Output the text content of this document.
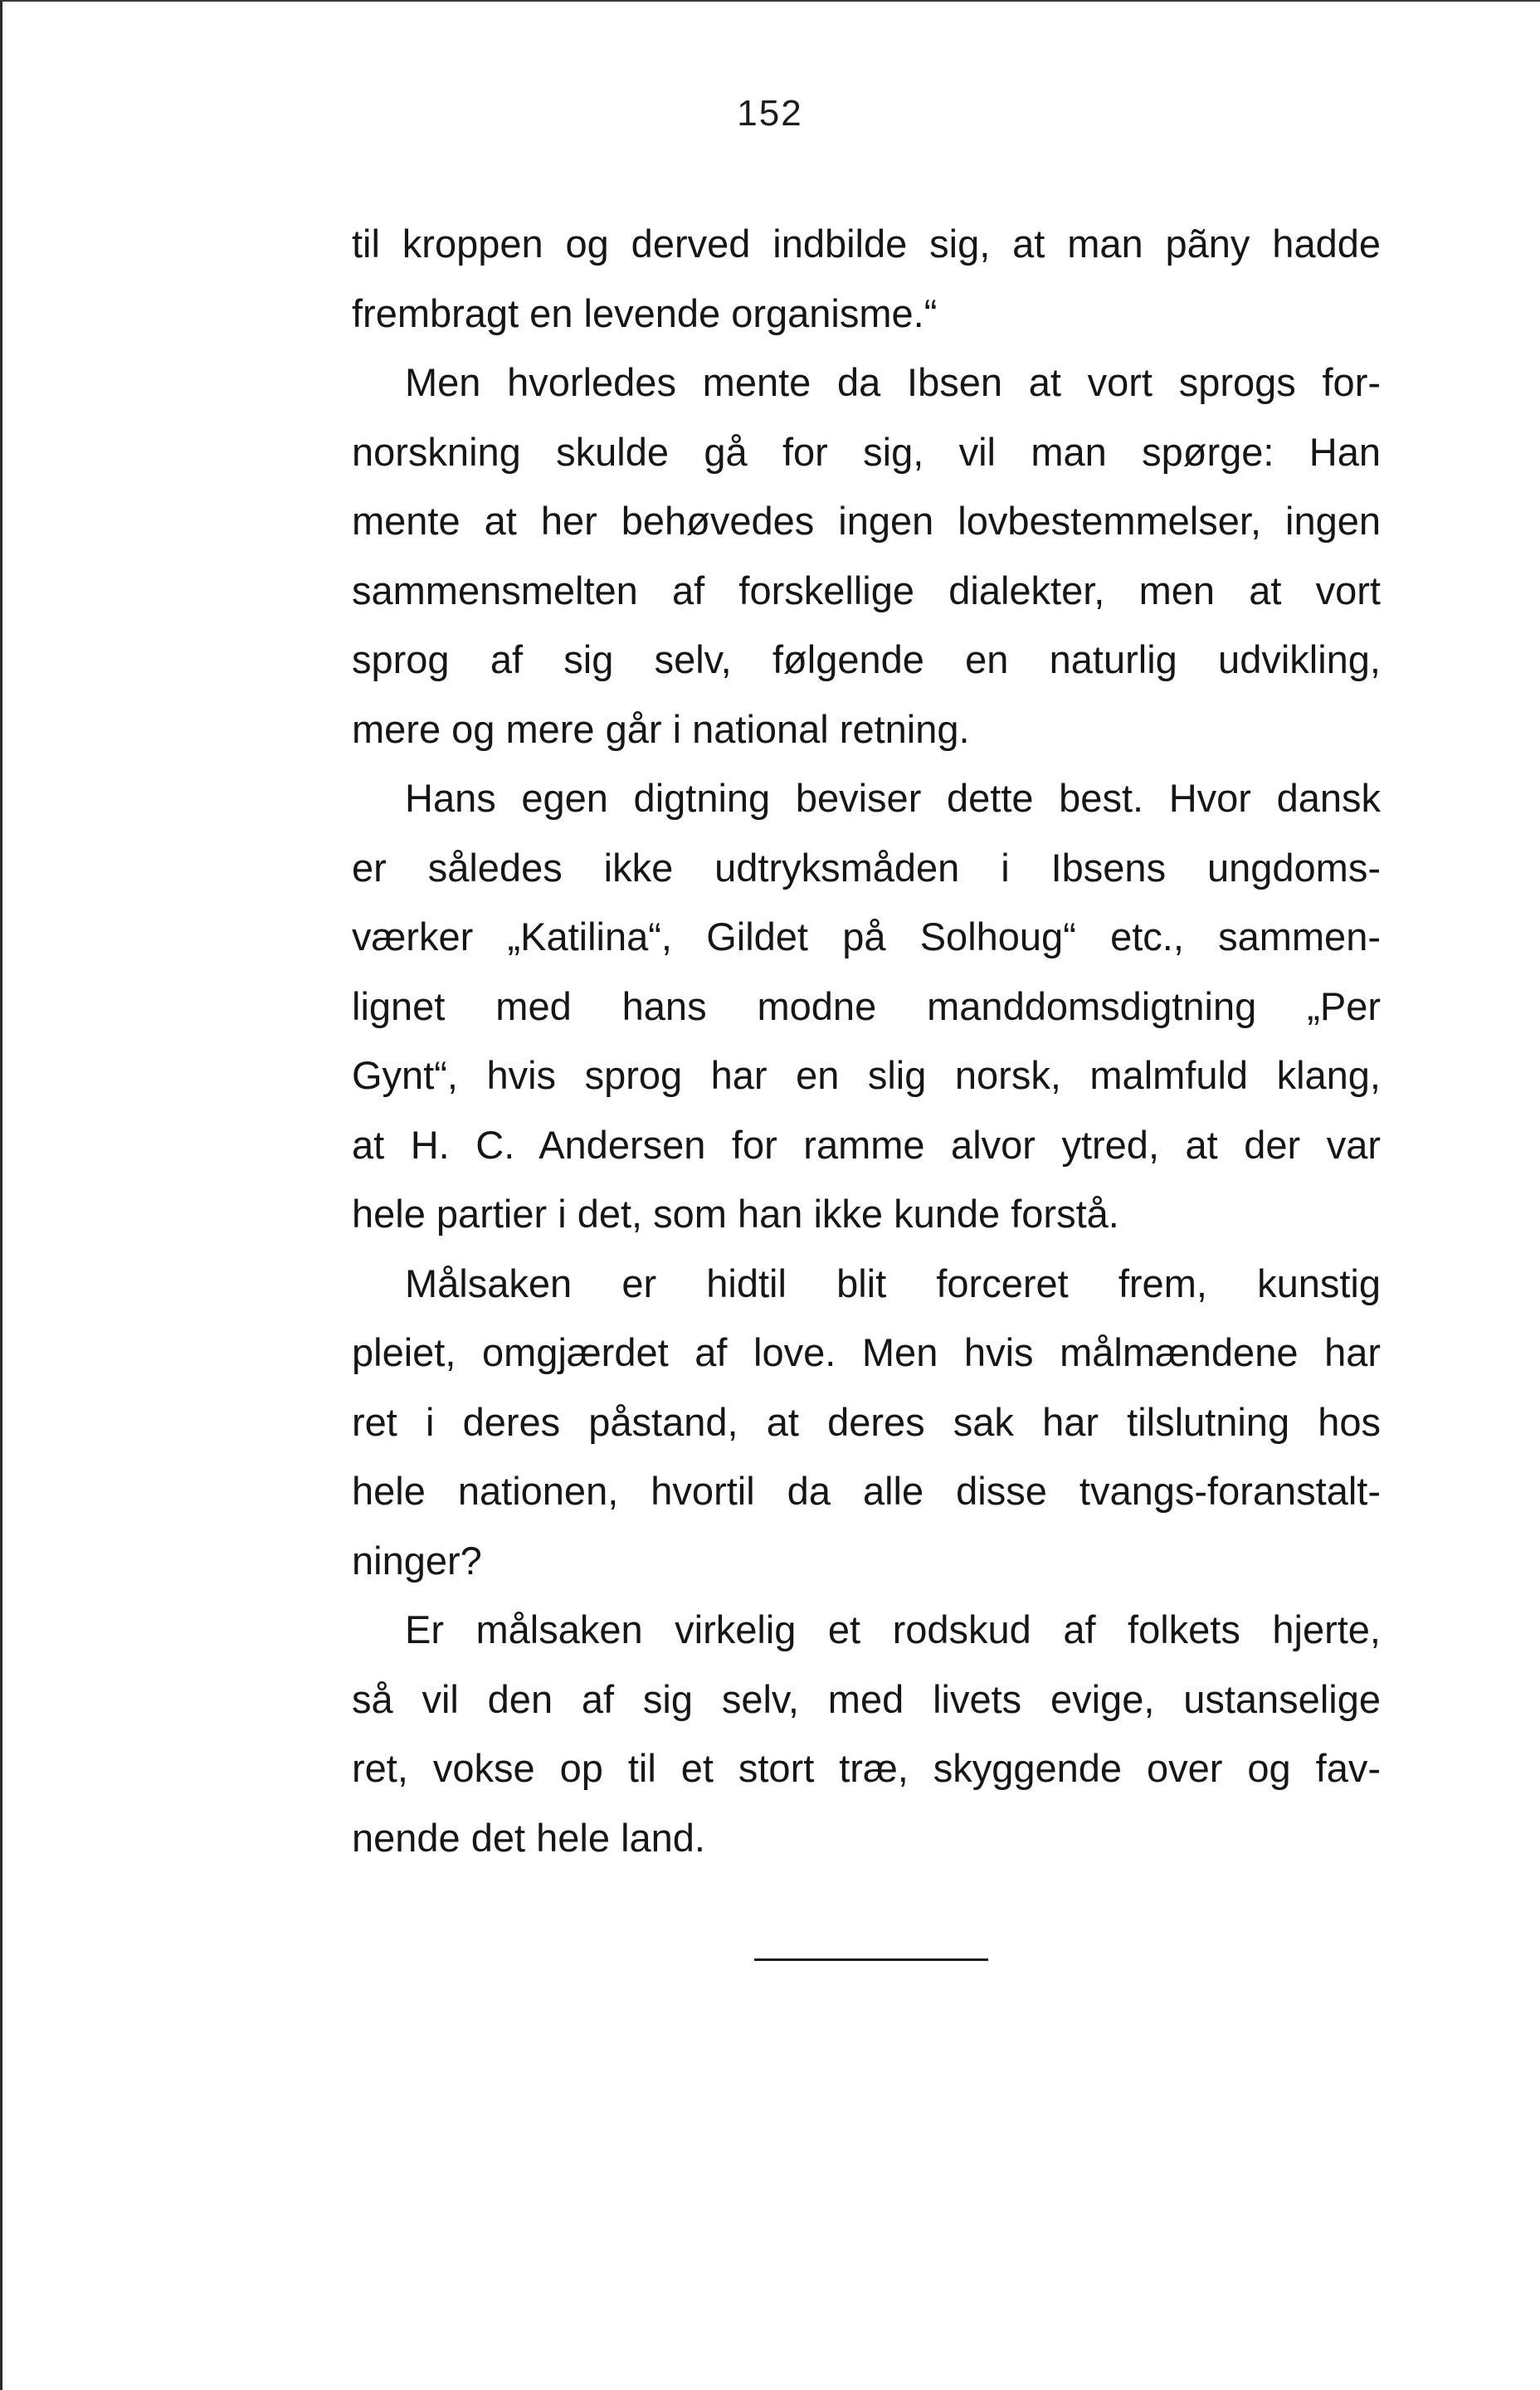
152
til kroppen og derved indbilde sig, at man pãny hadde
frembragt en levende organisme.“
Men hvorledes mente da Ibsen at vort sprogs for-
norskning skulde gå for sig, vil man spørge: Han
mente at her behøvedes ingen lovbestemmelser, ingen
sammensmelten af forskellige dialekter, men at vort
sprog af sig selv, følgende en naturlig udvikling,
mere og mere går i national retning.
Hans egen digtning beviser dette best. Hvor dansk
er således ikke udtryksmåden i Ibsens ungdoms-
værker „Katilina“, Gildet på Solhoug“ etc., sammen-
lignet med hans modne manddomsdigtning „Per
Gynt“, hvis sprog har en slig norsk, malmfuld klang,
at H. C. Andersen for ramme alvor ytred, at der var
hele partier i det, som han ikke kunde forstå.
Målsaken er hidtil blit forceret frem, kunstig
pleiet, omgjærdet af love. Men hvis målmændene har
ret i deres påstand, at deres sak har tilslutning hos
hele nationen, hvortil da alle disse tvangs-foranstalt-
ninger?
Er målsaken virkelig et rodskud af folkets hjerte,
så vil den af sig selv, med livets evige, ustanselige
ret, vokse op til et stort træ, skyggende over og fav-
nende det hele land.
